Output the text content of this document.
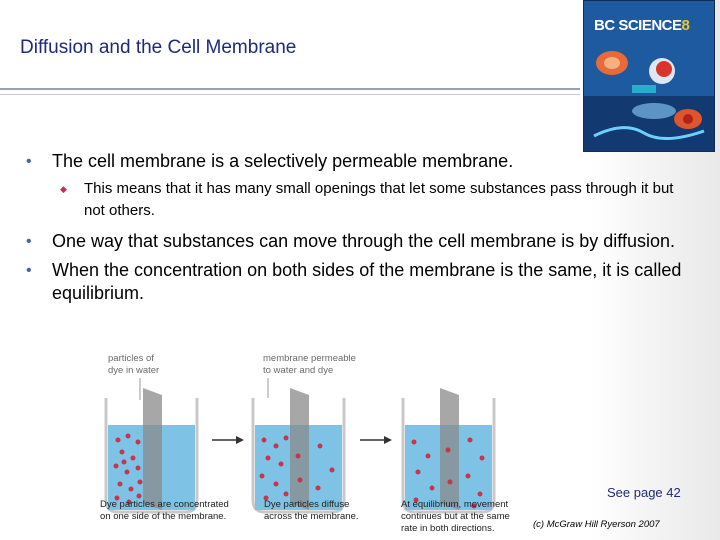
Diffusion and the Cell Membrane
BC SCIENCE8
• The cell membrane is a selectively permeable membrane.
◆ This means that it has many small openings that let some substances pass through it but not others.
• One way that substances can move through the cell membrane is by diffusion.
• When the concentration on both sides of the membrane is the same, it is called equilibrium.
particles of
dye in water
membrane permeable
to water and dye
Dye particles are concentrated
on one side of the membrane.
Dye particles diffuse
across the membrane.
At equilibrium, movement
continues but at the same
rate in both directions.
See page 42
(c) McGraw Hill Ryerson 2007
